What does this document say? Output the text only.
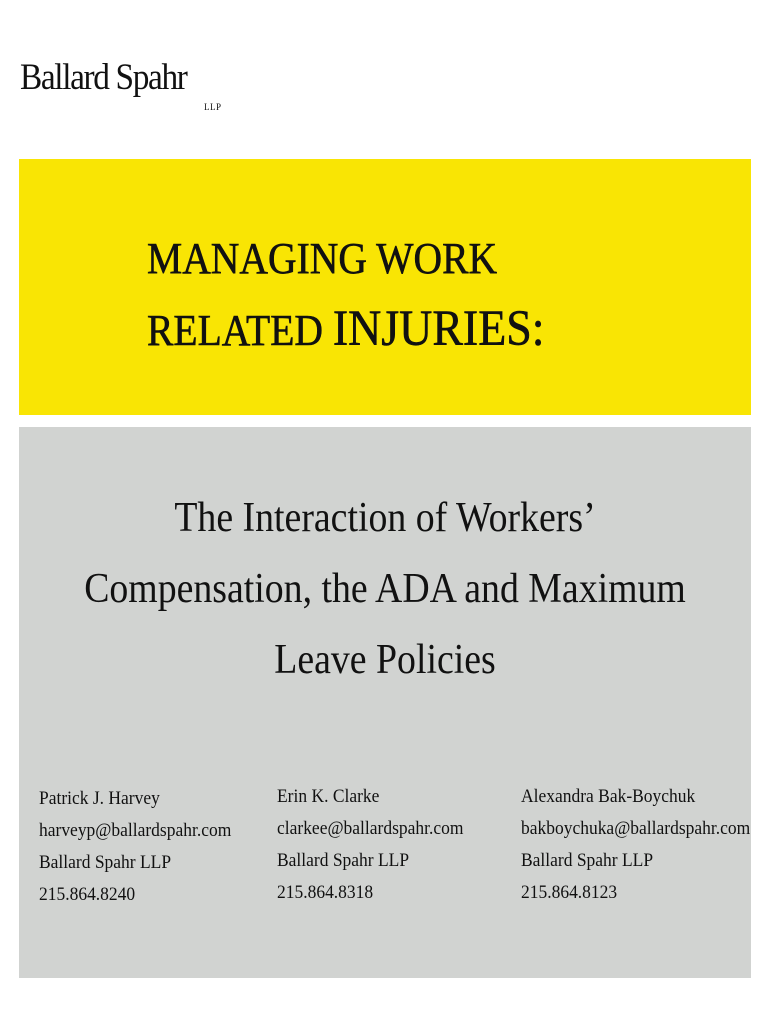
Ballard Spahr
LLP
MANAGING WORK
RELATED INJURIES:
The Interaction of Workers’
Compensation, the ADA and Maximum
Leave Policies
Patrick J. Harvey
harveyp@ballardspahr.com
Ballard Spahr LLP
215.864.8240
Erin K. Clarke
clarkee@ballardspahr.com
Ballard Spahr LLP
215.864.8318
Alexandra Bak-Boychuk
bakboychuka@ballardspahr.com
Ballard Spahr LLP
215.864.8123
